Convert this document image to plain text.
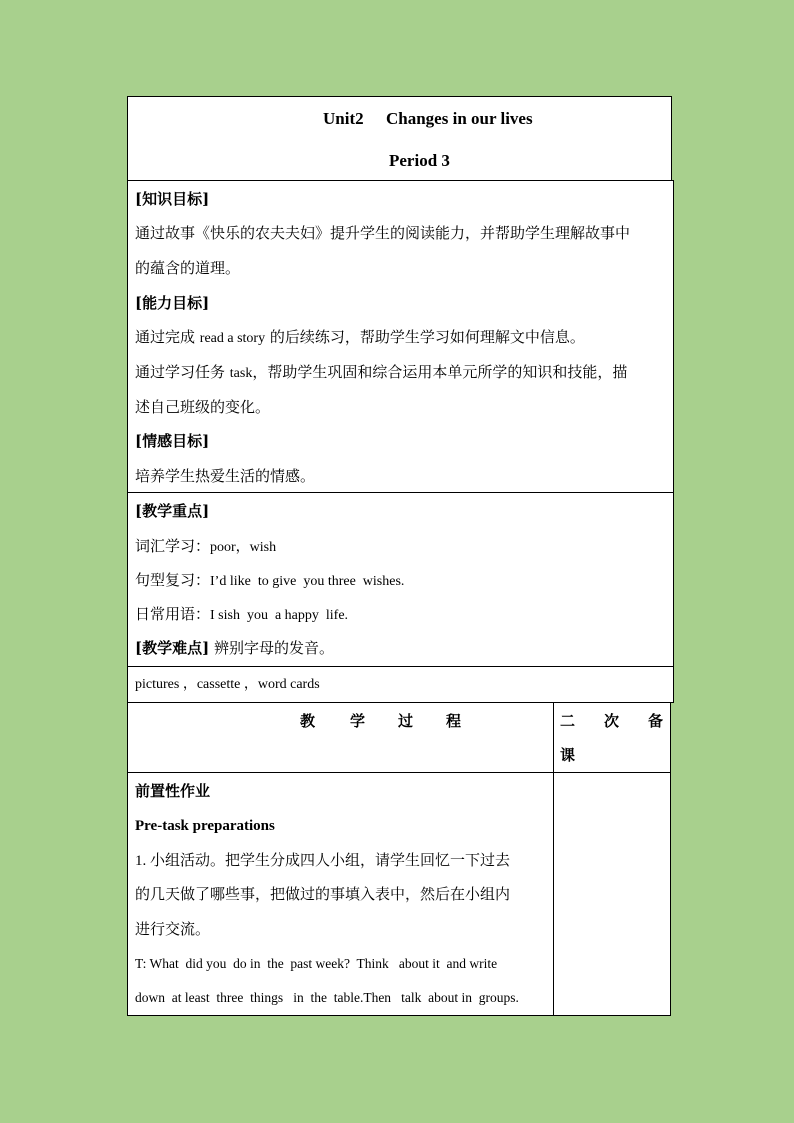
Unit2 Changes in our lives
Period 3
[知识目标]
通过故事《快乐的农夫夫妇》提升学生的阅读能力，并帮助学生理解故事中
的蕴含的道理。
[能力目标]
通过完成 read a story 的后续练习，帮助学生学习如何理解文中信息。
通过学习任务 task，帮助学生巩固和综合运用本单元所学的知识和技能，描
述自己班级的变化。
[情感目标]
培养学生热爱生活的情感。
[教学重点]
词汇学习：poor，wish
句型复习：I’d like  to give  you three  wishes.
日常用语：I sish  you  a happy  life.
[教学难点] 辨别字母的发音。
pictures ，cassette ，word cards
教 学 过 程	二 次 备
课
前置性作业
Pre-task preparations
1. 小组活动。把学生分成四人小组，请学生回忆一下过去
的几天做了哪些事，把做过的事填入表中，然后在小组内
进行交流。
T: What  did you  do in  the  past week?  Think   about it  and write
down  at least  three  things   in  the  table.Then   talk  about in  groups.
